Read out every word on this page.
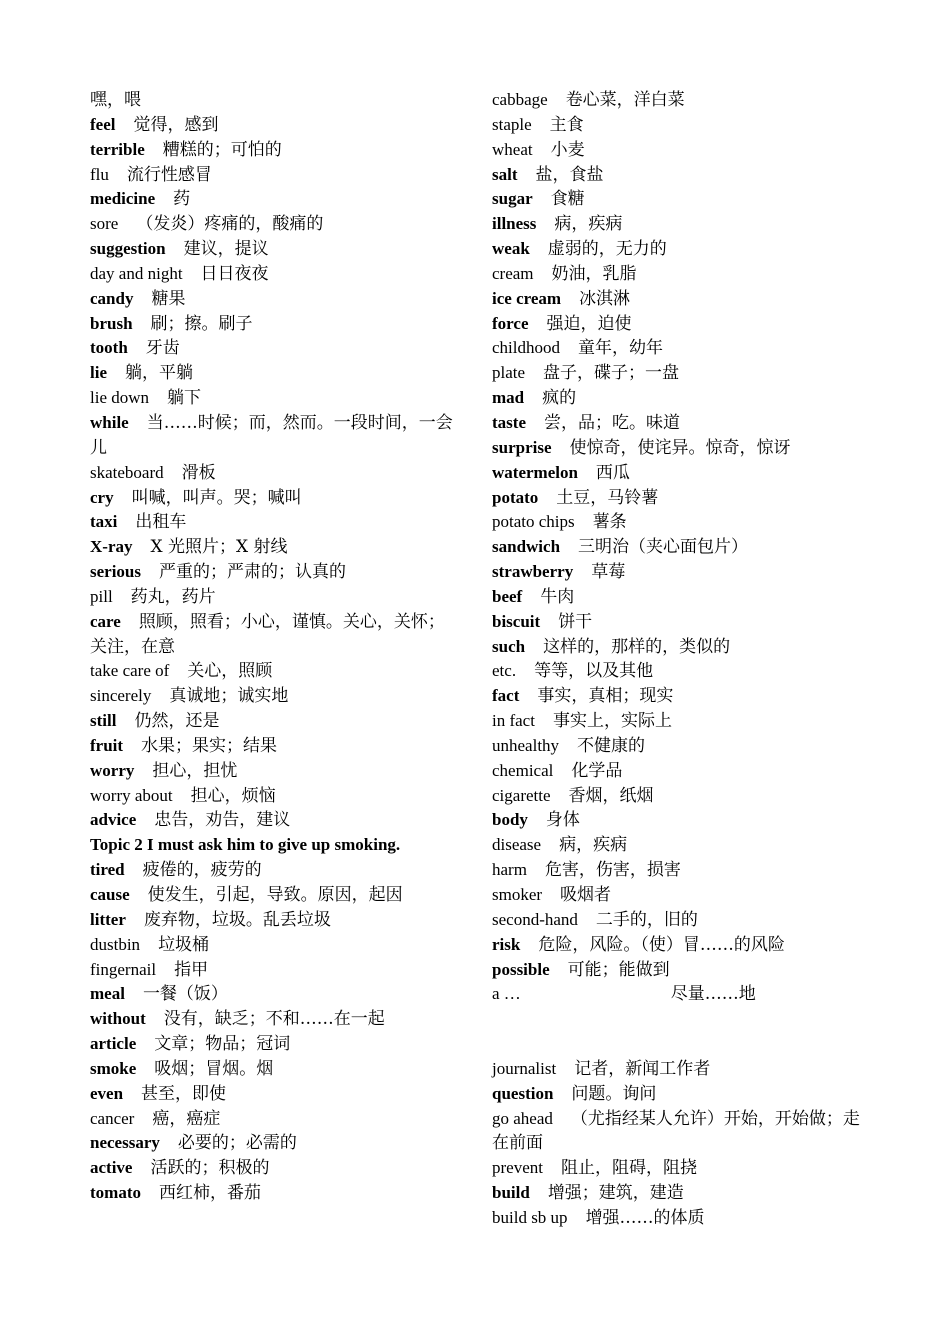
嘿，喂
feel 觉得，感到
terrible 糟糕的；可怕的
flu 流行性感冒
medicine 药
sore （发炎）疼痛的，酸痛的
suggestion 建议，提议
day and night 日日夜夜
candy 糖果
brush 刷；擦。刷子
tooth 牙齿
lie 躺，平躺
lie down 躺下
while 当……时候；而，然而。一段时间，一会儿
skateboard 滑板
cry 叫喊，叫声。哭；喊叫
taxi 出租车
X-ray X 光照片；X 射线
serious 严重的；严肃的；认真的
pill 药丸，药片
care 照顾，照看；小心，谨慎。关心，关怀；关注，在意
take care of 关心，照顾
sincerely 真诚地；诚实地
still 仍然，还是
fruit 水果；果实；结果
worry 担心，担忧
worry about 担心，烦恼
advice 忠告，劝告，建议
Topic 2 I must ask him to give up smoking.
tired 疲倦的，疲劳的
cause 使发生，引起，导致。原因，起因
litter 废弃物，垃圾。乱丢垃圾
dustbin 垃圾桶
fingernail 指甲
meal 一餐（饭）
without 没有，缺乏；不和……在一起
article 文章；物品；冠词
smoke 吸烟；冒烟。烟
even 甚至，即使
cancer 癌，癌症
necessary 必要的；必需的
active 活跃的；积极的
tomato 西红柿，番茄
cabbage 卷心菜，洋白菜
staple 主食
wheat 小麦
salt 盐，食盐
sugar 食糖
illness 病，疾病
weak 虚弱的，无力的
cream 奶油，乳脂
ice cream 冰淇淋
force 强迫，迫使
childhood 童年，幼年
plate 盘子，碟子；一盘
mad 疯的
taste 尝，品；吃。味道
surprise 使惊奇，使诧异。惊奇，惊讶
watermelon 西瓜
potato 土豆，马铃薯
potato chips 薯条
sandwich 三明治（夹心面包片）
strawberry 草莓
beef 牛肉
biscuit 饼干
such 这样的，那样的，类似的
etc. 等等，以及其他
fact 事实，真相；现实
in fact 事实上，实际上
unhealthy 不健康的
chemical 化学品
cigarette 香烟，纸烟
body 身体
disease 病，疾病
harm 危害，伤害，损害
smoker 吸烟者
second-hand 二手的，旧的
risk 危险，风险。（使）冒……的风险
possible 可能；能做到
a …	尽量……地
journalist 记者，新闻工作者
question 问题。询问
go ahead （尤指经某人允许）开始，开始做；走在前面
prevent 阻止，阻碍，阻挠
build 增强；建筑，建造
build sb up 增强……的体质
